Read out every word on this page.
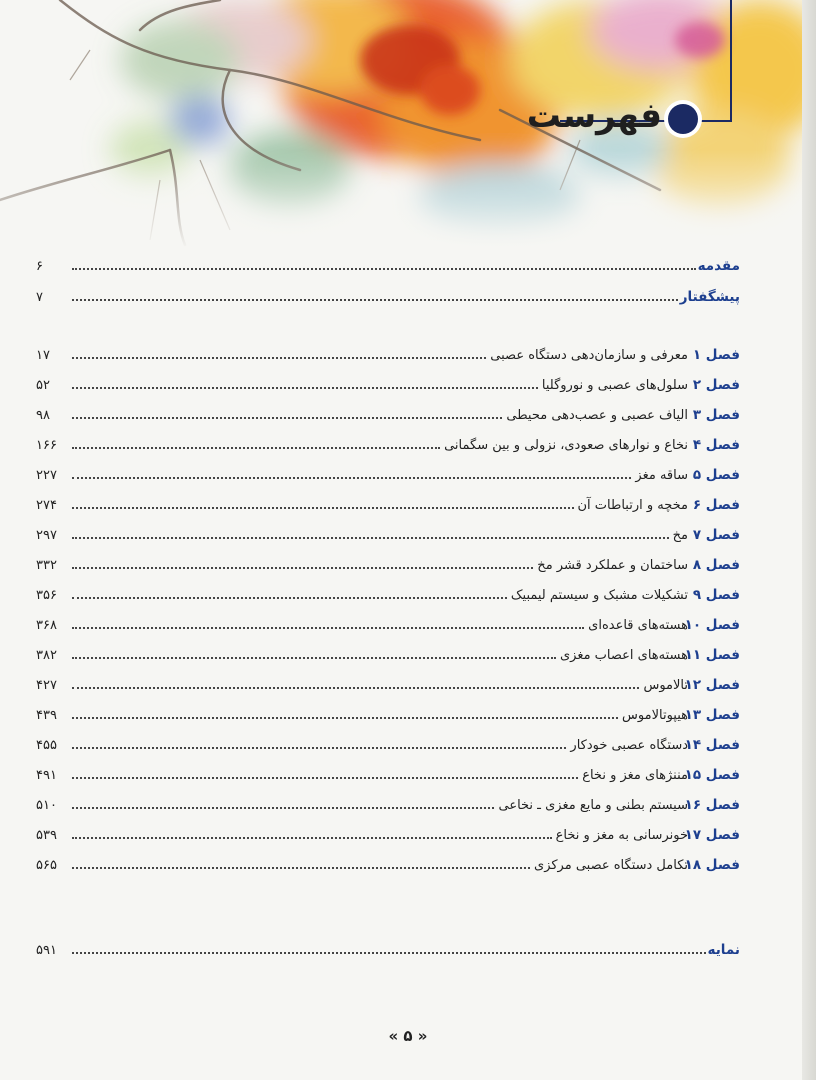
فهرست
مقدمه
۶
پیشگفتار
۷
فصل ۱
معرفی و سازمان‌دهی دستگاه عصبی
۱۷
فصل ۲
سلول‌های عصبی و نوروگلیا
۵۲
فصل ۳
الیاف عصبی و عصب‌دهی محیطی
۹۸
فصل ۴
نخاع و نوارهای صعودی، نزولی و بین سگمانی
۱۶۶
فصل ۵
ساقه مغز
۲۲۷
فصل ۶
مخچه و ارتباطات آن
۲۷۴
فصل ۷
مخ
۲۹۷
فصل ۸
ساختمان و عملکرد قشر مخ
۳۳۲
فصل ۹
تشکیلات مشبک و سیستم لیمبیک
۳۵۶
فصل ۱۰
هسته‌های قاعده‌ای
۳۶۸
فصل ۱۱
هسته‌های اعصاب مغزی
۳۸۲
فصل ۱۲
تالاموس
۴۲۷
فصل ۱۳
هیپوتالاموس
۴۳۹
فصل ۱۴
دستگاه عصبی خودکار
۴۵۵
فصل ۱۵
مننژهای مغز و نخاع
۴۹۱
فصل ۱۶
سیستم بطنی و مایع مغزی ـ نخاعی
۵۱۰
فصل ۱۷
خونرسانی به مغز و نخاع
۵۳۹
فصل ۱۸
تکامل دستگاه عصبی مرکزی
۵۶۵
نمایه
۵۹۱
« ۵ »
